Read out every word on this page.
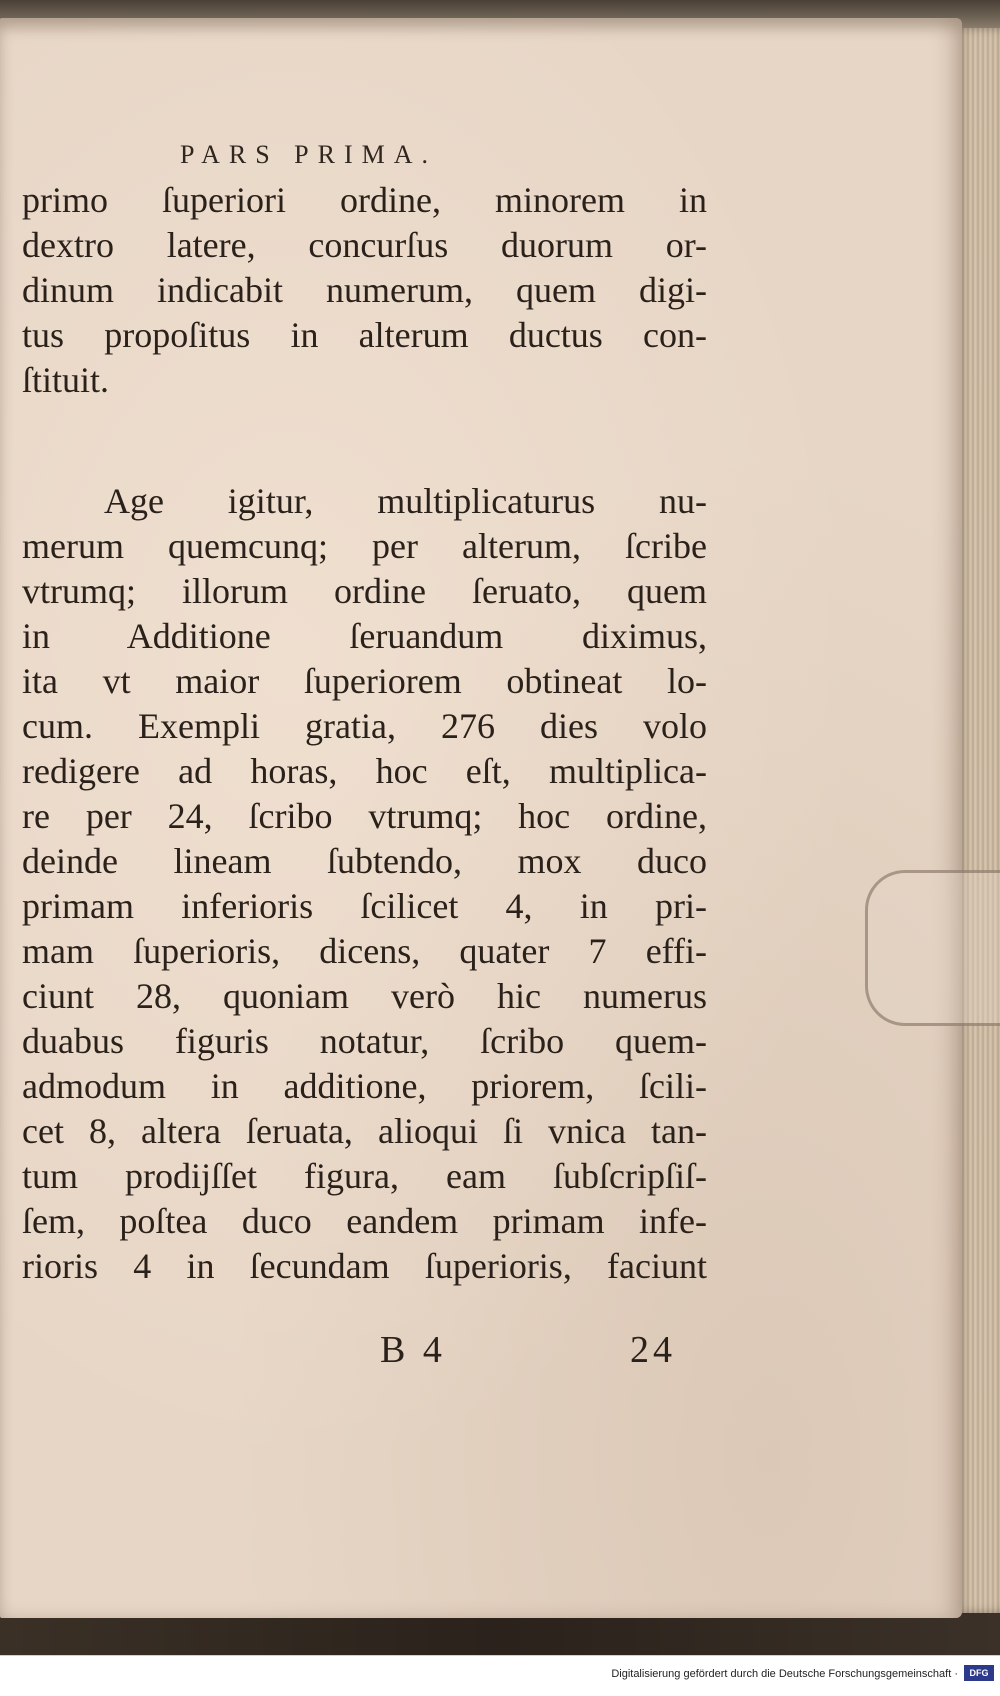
PARS PRIMA.
primo ſuperiori ordine, minorem in
dextro latere, concurſus duorum or-
dinum indicabit numerum, quem digi-
tus propoſitus in alterum ductus con-
ſtituit.
Age igitur, multiplicaturus nu-
merum quemcunq; per alterum, ſcribe
vtrumq; illorum ordine ſeruato, quem
in Additione ſeruandum diximus,
ita vt maior ſuperiorem obtineat lo-
cum. Exempli gratia, 276 dies volo
redigere ad horas, hoc eſt, multiplica-
re per 24, ſcribo vtrumq; hoc ordine,
deinde lineam ſubtendo, mox duco
primam inferioris ſcilicet 4, in pri-
mam ſuperioris, dicens, quater 7 effi-
ciunt 28, quoniam verò hic numerus
duabus figuris notatur, ſcribo quem-
admodum in additione, priorem, ſcili-
cet 8, altera ſeruata, alioqui ſi vnica tan-
tum prodijſſet figura, eam ſubſcripſiſ-
ſem, poſtea duco eandem primam infe-
rioris 4 in ſecundam ſuperioris, faciunt
B 4	24
Digitalisierung gefördert durch die Deutsche Forschungsgemeinschaft ·	DFG
